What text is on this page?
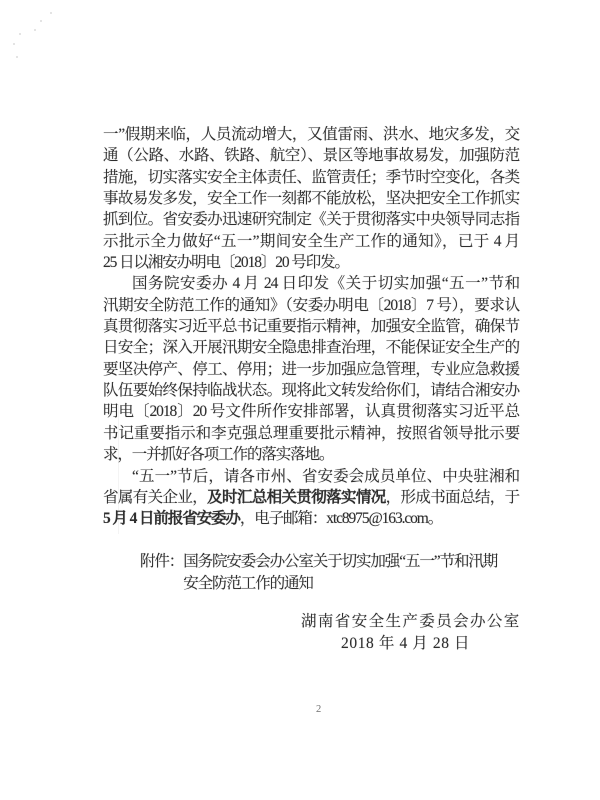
一”假期来临，人员流动增大，又值雷雨、洪水、地灾多发，交
通（公路、水路、铁路、航空）、景区等地事故易发，加强防范
措施，切实落实安全主体责任、监管责任；季节时空变化，各类
事故易发多发，安全工作一刻都不能放松，坚决把安全工作抓实
抓到位。省安委办迅速研究制定《关于贯彻落实中央领导同志指
示批示全力做好“五一”期间安全生产工作的通知》，已于 4 月
25 日以湘安办明电〔2018〕20 号印发。
国务院安委办 4 月 24 日印发《关于切实加强“五一”节和
汛期安全防范工作的通知》（安委办明电〔2018〕7 号），要求认
真贯彻落实习近平总书记重要指示精神，加强安全监管，确保节
日安全；深入开展汛期安全隐患排查治理，不能保证安全生产的
要坚决停产、停工、停用；进一步加强应急管理，专业应急救援
队伍要始终保持临战状态。现将此文转发给你们，请结合湘安办
明电〔2018〕20 号文件所作安排部署，认真贯彻落实习近平总
书记重要指示和李克强总理重要批示精神，按照省领导批示要
求，一并抓好各项工作的落实落地。
“五一”节后，请各市州、省安委会成员单位、中央驻湘和
省属有关企业，及时汇总相关贯彻落实情况，形成书面总结，于
5 月 4 日前报省安委办，电子邮箱：xtc8975@163.com。
附件： 国务院安委会办公室关于切实加强“五一”节和汛期
安全防范工作的通知
湖南省安全生产委员会办公室
2018 年 4 月 28 日
2
